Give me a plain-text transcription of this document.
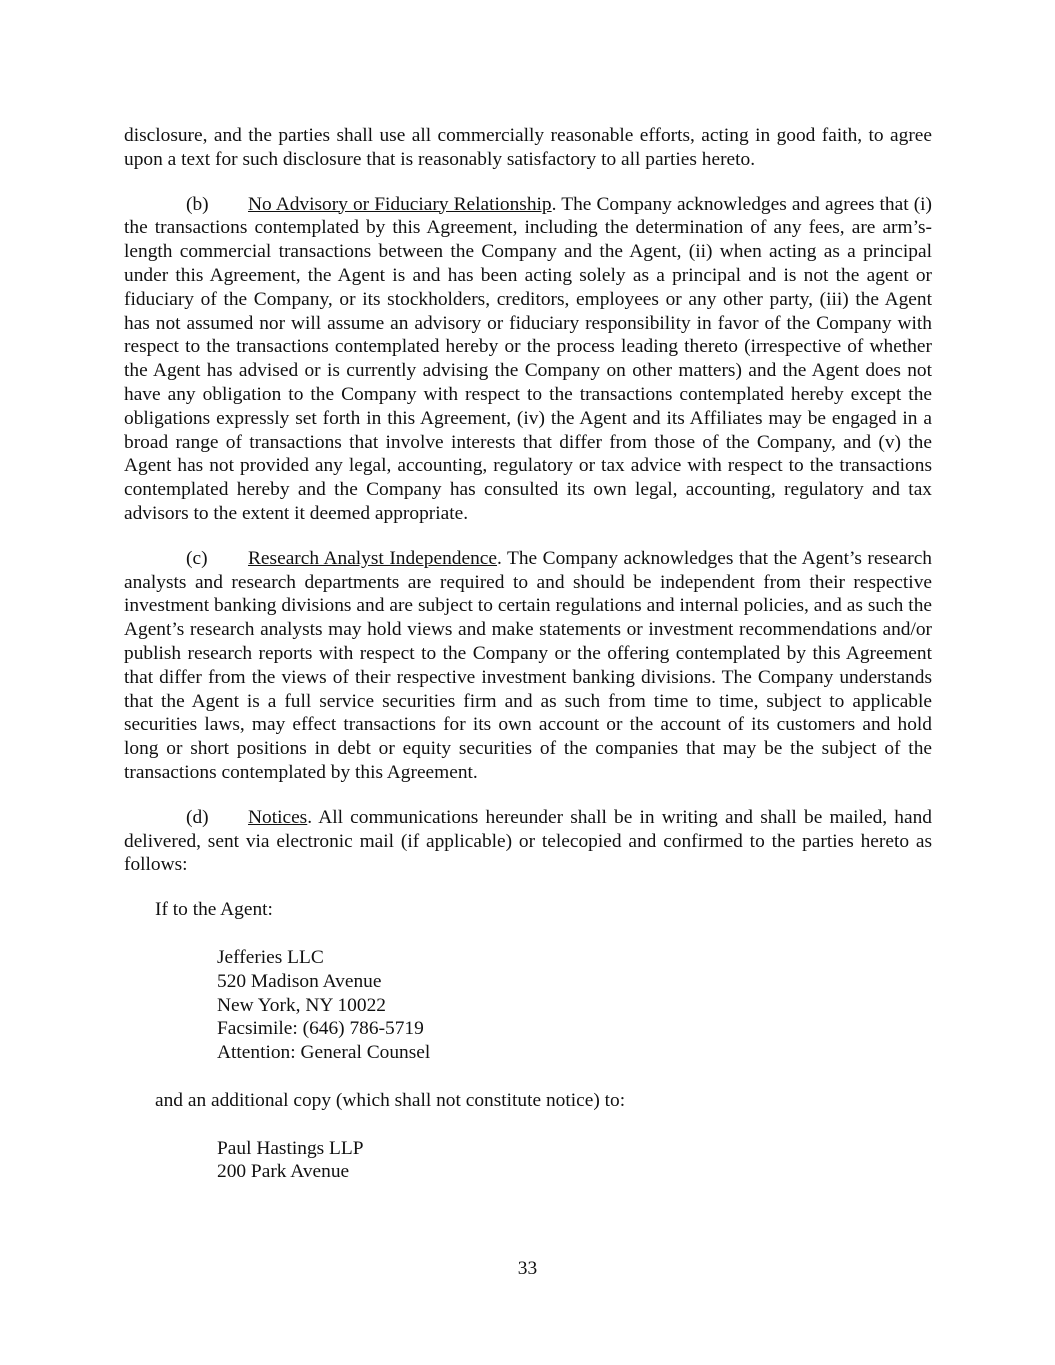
disclosure, and the parties shall use all commercially reasonable efforts, acting in good faith, to agree upon a text for such disclosure that is reasonably satisfactory to all parties hereto.

(b) No Advisory or Fiduciary Relationship. The Company acknowledges and agrees that (i) the transactions contemplated by this Agreement, including the determination of any fees, are arm’s-length commercial transactions between the Company and the Agent, (ii) when acting as a principal under this Agreement, the Agent is and has been acting solely as a principal and is not the agent or fiduciary of the Company, or its stockholders, creditors, employees or any other party, (iii) the Agent has not assumed nor will assume an advisory or fiduciary responsibility in favor of the Company with respect to the transactions contemplated hereby or the process leading thereto (irrespective of whether the Agent has advised or is currently advising the Company on other matters) and the Agent does not have any obligation to the Company with respect to the transactions contemplated hereby except the obligations expressly set forth in this Agreement, (iv) the Agent and its Affiliates may be engaged in a broad range of transactions that involve interests that differ from those of the Company, and (v) the Agent has not provided any legal, accounting, regulatory or tax advice with respect to the transactions contemplated hereby and the Company has consulted its own legal, accounting, regulatory and tax advisors to the extent it deemed appropriate.

(c) Research Analyst Independence. The Company acknowledges that the Agent’s research analysts and research departments are required to and should be independent from their respective investment banking divisions and are subject to certain regulations and internal policies, and as such the Agent’s research analysts may hold views and make statements or investment recommendations and/or publish research reports with respect to the Company or the offering contemplated by this Agreement that differ from the views of their respective investment banking divisions. The Company understands that the Agent is a full service securities firm and as such from time to time, subject to applicable securities laws, may effect transactions for its own account or the account of its customers and hold long or short positions in debt or equity securities of the companies that may be the subject of the transactions contemplated by this Agreement.

(d) Notices. All communications hereunder shall be in writing and shall be mailed, hand delivered, sent via electronic mail (if applicable) or telecopied and confirmed to the parties hereto as follows:

If to the Agent:

Jefferies LLC
520 Madison Avenue
New York, NY 10022
Facsimile: (646) 786-5719
Attention: General Counsel

and an additional copy (which shall not constitute notice) to:

Paul Hastings LLP
200 Park Avenue
33
